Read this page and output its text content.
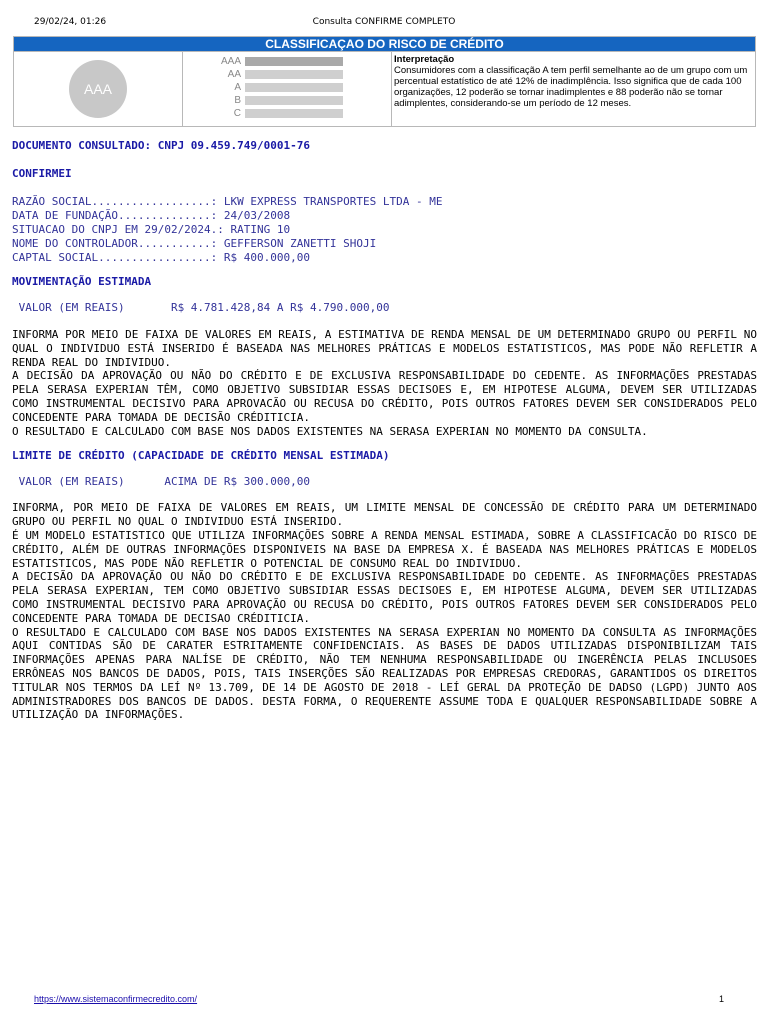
29/02/24, 01:26	Consulta CONFIRME COMPLETO
CLASSIFICAÇAO DO RISCO DE CRÉDITO
AAA
AAA
AA
A
B
C
Interpretação
Consumidores com a classificação A tem perfil semelhante ao de um grupo com um percentual estatístico de até 12% de inadimplência. Isso significa que de cada 100 organizações, 12 poderão se tornar inadimplentes e 88 poderão não se tornar adimplentes, considerando-se um período de 12 meses.
DOCUMENTO CONSULTADO: CNPJ 09.459.749/0001-76
CONFIRMEI
RAZÃO SOCIAL..................: LKW EXPRESS TRANSPORTES LTDA - ME
DATA DE FUNDAÇÃO..............: 24/03/2008
SITUACAO DO CNPJ EM 29/02/2024.: RATING 10
NOME DO CONTROLADOR...........: GEFFERSON ZANETTI SHOJI
CAPTAL SOCIAL.................: R$ 400.000,00
MOVIMENTAÇÃO ESTIMADA
VALOR (EM REAIS)       R$ 4.781.428,84 A R$ 4.790.000,00

INFORMA POR MEIO DE FAIXA DE VALORES EM REAIS, A ESTIMATIVA DE RENDA MENSAL DE UM DETERMINADO GRUPO OU PERFIL NO QUAL O INDIVIDUO ESTÁ INSERIDO É BASEADA NAS MELHORES PRÁTICAS E MODELOS ESTATISTICOS, MAS PODE NÃO REFLETIR A RENDA REAL DO INDIVIDUO.

A DECISÃO DA APROVAÇÃO OU NÃO DO CRÉDITO E DE EXCLUSIVA RESPONSABILIDADE DO CEDENTE. AS INFORMAÇÕES PRESTADAS PELA SERASA EXPERIAN TÊM, COMO OBJETIVO SUBSIDIAR ESSAS DECISOES E, EM HIPOTESE ALGUMA, DEVEM SER UTILIZADAS COMO INSTRUMENTAL DECISIVO PARA APROVACÃO OU RECUSA DO CRÉDITO, POIS OUTROS FATORES DEVEM SER CONSIDERADOS PELO CONCEDENTE PARA TOMADA DE DECISÃO CRÉDITICIA.

O RESULTADO E CALCULADO COM BASE NOS DADOS EXISTENTES NA SERASA EXPERIAN NO MOMENTO DA CONSULTA.

LIMITE DE CRÉDITO (CAPACIDADE DE CRÉDITO MENSAL ESTIMADA)
VALOR (EM REAIS)      ACIMA DE R$ 300.000,00

INFORMA, POR MEIO DE FAIXA DE VALORES EM REAIS, UM LIMITE MENSAL DE CONCESSÃO DE CRÉDITO PARA UM DETERMINADO GRUPO OU PERFIL NO QUAL O INDIVIDUO ESTÁ INSERIDO.

É UM MODELO ESTATISTICO QUE UTILIZA INFORMAÇÕES SOBRE A RENDA MENSAL ESTIMADA, SOBRE A CLASSIFICACÃO DO RISCO DE CRÉDITO, ALÉM DE OUTRAS INFORMAÇÕES DISPONIVEIS NA BASE DA EMPRESA X. É BASEADA NAS MELHORES PRÁTICAS E MODELOS ESTATISTICOS, MAS PODE NÃO REFLETIR O POTENCIAL DE CONSUMO REAL DO INDIVIDUO.

A DECISÃO DA APROVAÇÃO OU NÃO DO CRÉDITO E DE EXCLUSIVA RESPONSABILIDADE DO CEDENTE. AS INFORMAÇÕES PRESTADAS PELA SERASA EXPERIAN, TEM COMO OBJETIVO SUBSIDIAR ESSAS DECISOES E, EM HIPOTESE ALGUMA, DEVEM SER UTILIZADAS COMO INSTRUMENTAL DECISIVO PARA APROVAÇÃO OU RECUSA DO CRÉDITO, POIS OUTROS FATORES DEVEM SER CONSIDERADOS PELO CONCEDENTE PARA TOMADA DE DECISAO CRÉDITICIA.

O RESULTADO E CALCULADO COM BASE NOS DADOS EXISTENTES NA SERASA EXPERIAN NO MOMENTO DA CONSULTA AS INFORMAÇÕES AQUI CONTIDAS SÃO DE CARATER ESTRITAMENTE CONFIDENCIAIS. AS BASES DE DADOS UTILIZADAS DISPONIBILIZAM TAIS INFORMAÇÕES APENAS PARA NALÍSE DE CRÉDITO, NÃO TEM NENHUMA RESPONSABILIDADE OU INGERÊNCIA PELAS INCLUSOES ERRÔNEAS NOS BANCOS DE DADOS, POIS, TAIS INSERÇÕES SÃO REALIZADAS POR EMPRESAS CREDORAS, GARANTIDOS OS DIREITOS TITULAR NOS TERMOS DA LEÍ Nº 13.709, DE 14 DE AGOSTO DE 2018 - LEÍ GERAL DA PROTEÇÃO DE DADSO (LGPD) JUNTO AOS ADMINISTRADORES DOS BANCOS DE DADOS. DESTA FORMA, O REQUERENTE ASSUME TODA E QUALQUER RESPONSABILIDADE SOBRE A UTILIZAÇÃO DA INFORMAÇÕES.

https://www.sistemaconfirmecredito.com/	1
